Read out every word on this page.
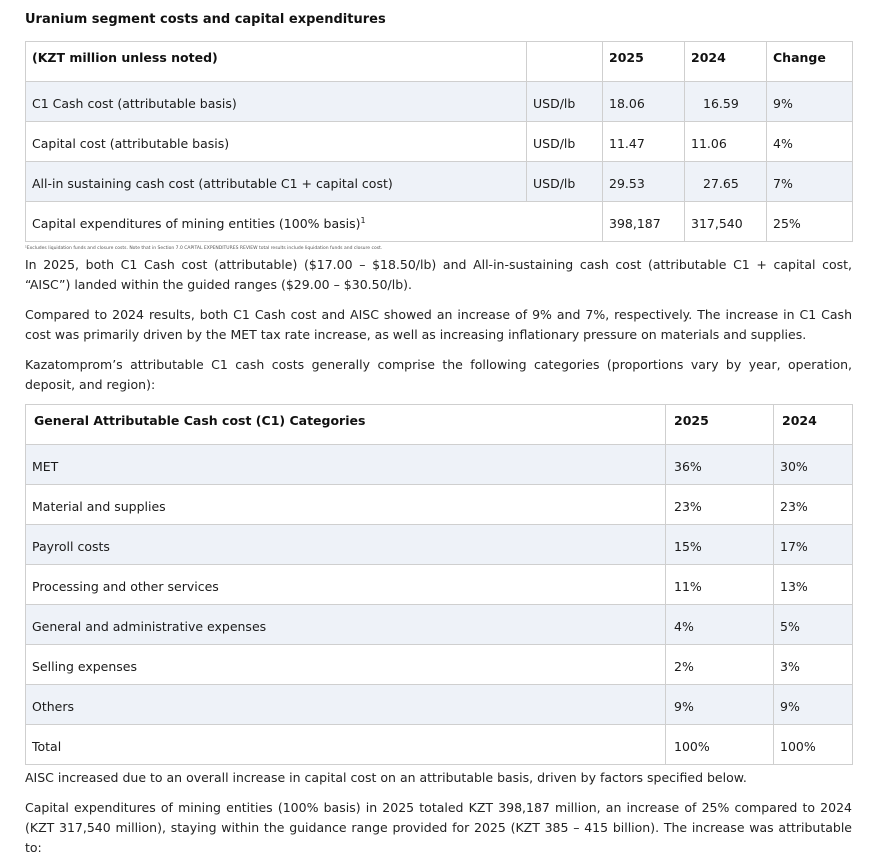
Uranium segment costs and capital expenditures
(KZT million unless noted)		2025	2024	Change
C1 Cash cost (attributable basis)	USD/lb	18.06	16.59	9%
Capital cost (attributable basis)	USD/lb	11.47	11.06	4%
All-in sustaining cash cost (attributable C1 + capital cost)	USD/lb	29.53	27.65	7%
Capital expenditures of mining entities (100% basis)$^1$		398,187	317,540	25%
¹Excludes liquidation funds and closure costs. Note that in Section 7.0 CAPITAL EXPENDITURES REVIEW total results include liquidation funds and closure cost.
In 2025, both C1 Cash cost (attributable) ($17.00 – $18.50/lb) and All-in-sustaining cash cost (attributable C1 + capital cost, “AISC”) landed within the guided ranges ($29.00 – $30.50/lb).
Compared to 2024 results, both C1 Cash cost and AISC showed an increase of 9% and 7%, respectively. The increase in C1 Cash cost was primarily driven by the MET tax rate increase, as well as increasing inflationary pressure on materials and supplies.
Kazatomprom’s attributable C1 cash costs generally comprise the following categories (proportions vary by year, operation, deposit, and region):
General Attributable Cash cost (C1) Categories	2025	2024
MET	36%	30%
Material and supplies	23%	23%
Payroll costs	15%	17%
Processing and other services	11%	13%
General and administrative expenses	4%	5%
Selling expenses	2%	3%
Others	9%	9%
Total	100%	100%
AISC increased due to an overall increase in capital cost on an attributable basis, driven by factors specified below.
Capital expenditures of mining entities (100% basis) in 2025 totaled KZT 398,187 million, an increase of 25% compared to 2024 (KZT 317,540 million), staying within the guidance range provided for 2025 (KZT 385 – 415 billion). The increase was attributable to:
